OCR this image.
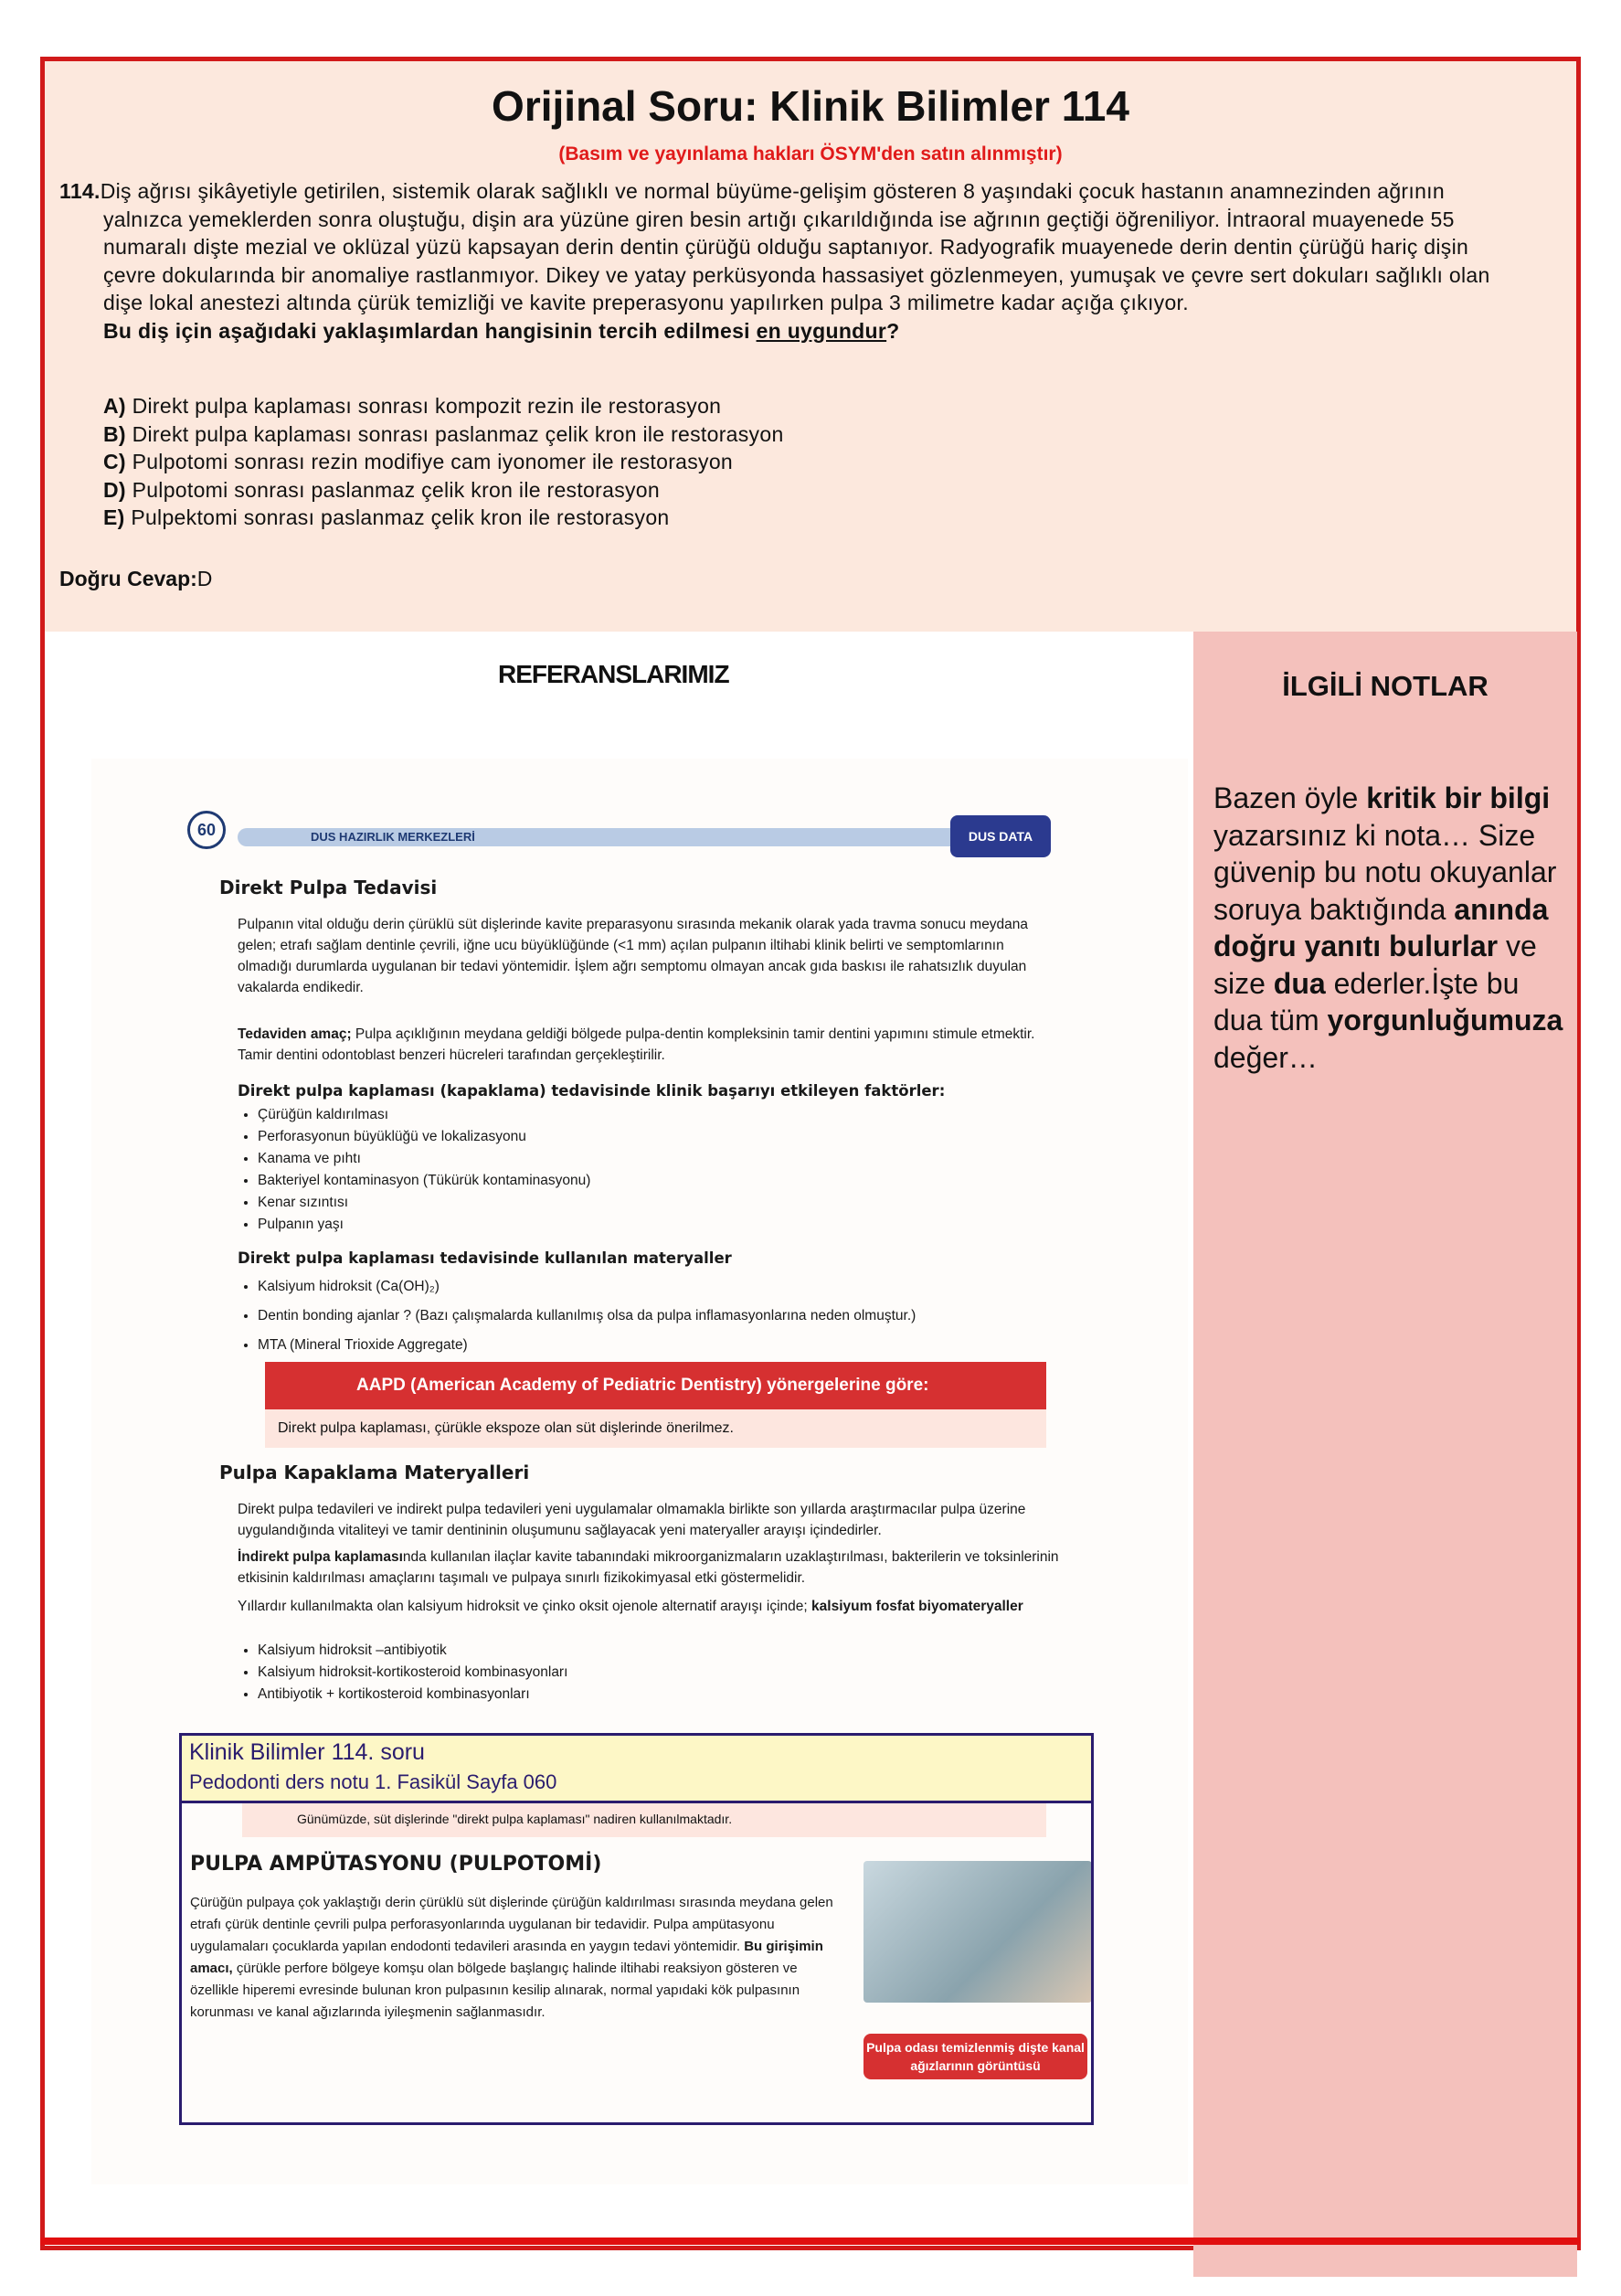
Orijinal Soru: Klinik Bilimler 114
(Basım ve yayınlama hakları ÖSYM'den satın alınmıştır)
114.Diş ağrısı şikâyetiyle getirilen, sistemik olarak sağlıklı ve normal büyüme-gelişim gösteren 8 yaşındaki çocuk hastanın anamnezinden ağrının yalnızca yemeklerden sonra oluştuğu, dişin ara yüzüne giren besin artığı çıkarıldığında ise ağrının geçtiği öğreniliyor. İntraoral muayenede 55 numaralı dişte mezial ve oklüzal yüzü kapsayan derin dentin çürüğü olduğu saptanıyor. Radyografik muayenede derin dentin çürüğü hariç dişin çevre dokularında bir anomaliye rastlanmıyor. Dikey ve yatay perküsyonda hassasiyet gözlenmeyen, yumuşak ve çevre sert dokuları sağlıklı olan dişe lokal anestezi altında çürük temizliği ve kavite preperasyonu yapılırken pulpa 3 milimetre kadar açığa çıkıyor.
Bu diş için aşağıdaki yaklaşımlardan hangisinin tercih edilmesi en uygundur?
A) Direkt pulpa kaplaması sonrası kompozit rezin ile restorasyon
B) Direkt pulpa kaplaması sonrası paslanmaz çelik kron ile restorasyon
C) Pulpotomi sonrası rezin modifiye cam iyonomer ile restorasyon
D) Pulpotomi sonrası paslanmaz çelik kron ile restorasyon
E) Pulpektomi sonrası paslanmaz çelik kron ile restorasyon
Doğru Cevap:D
REFERANSLARIMIZ	İLGİLİ NOTLAR
Bazen öyle kritik bir bilgi yazarsınız ki nota… Size güvenip bu notu okuyanlar soruya baktığında anında doğru yanıtı bulurlar ve size dua ederler.İşte bu dua tüm yorgunluğumuza değer…
60	DUS HAZIRLIK MERKEZLERİ	DUS DATA
Direkt Pulpa Tedavisi
Pulpanın vital olduğu derin çürüklü süt dişlerinde kavite preparasyonu sırasında mekanik olarak yada travma sonucu meydana gelen; etrafı sağlam dentinle çevrili, iğne ucu büyüklüğünde (<1 mm) açılan pulpanın iltihabi klinik belirti ve semptomlarının olmadığı durumlarda uygulanan bir tedavi yöntemidir. İşlem ağrı semptomu olmayan ancak gıda baskısı ile rahatsızlık duyulan vakalarda endikedir.
Tedaviden amaç; Pulpa açıklığının meydana geldiği bölgede pulpa-dentin kompleksinin tamir dentini yapımını stimule etmektir. Tamir dentini odontoblast benzeri hücreleri tarafından gerçekleştirilir.
Direkt pulpa kaplaması (kapaklama) tedavisinde klinik başarıyı etkileyen faktörler:
• Çürüğün kaldırılması
• Perforasyonun büyüklüğü ve lokalizasyonu
• Kanama ve pıhtı
• Bakteriyel kontaminasyon (Tükürük kontaminasyonu)
• Kenar sızıntısı
• Pulpanın yaşı
Direkt pulpa kaplaması tedavisinde kullanılan materyaller
• Kalsiyum hidroksit (Ca(OH)₂)
• Dentin bonding ajanlar ? (Bazı çalışmalarda kullanılmış olsa da pulpa inflamasyonlarına neden olmuştur.)
• MTA (Mineral Trioxide Aggregate)
AAPD (American Academy of Pediatric Dentistry) yönergelerine göre:
Direkt pulpa kaplaması, çürükle ekspoze olan süt dişlerinde önerilmez.
Pulpa Kapaklama Materyalleri
Direkt pulpa tedavileri ve indirekt pulpa tedavileri yeni uygulamalar olmamakla birlikte son yıllarda araştırmacılar pulpa üzerine uygulandığında vitaliteyi ve tamir dentininin oluşumunu sağlayacak yeni materyaller arayışı içindedirler.
İndirekt pulpa kaplamasında kullanılan ilaçlar kavite tabanındaki mikroorganizmaların uzaklaştırılması, bakterilerin ve toksinlerinin etkisinin kaldırılması amaçlarını taşımalı ve pulpaya sınırlı fizikokimyasal etki göstermelidir.
Yıllardır kullanılmakta olan kalsiyum hidroksit ve çinko oksit ojenole alternatif arayışı içinde; kalsiyum fosfat biyomateryaller
• Kalsiyum hidroksit –antibiyotik
• Kalsiyum hidroksit-kortikosteroid kombinasyonları
• Antibiyotik + kortikosteroid kombinasyonları
Günümüzde, süt dişlerinde "direkt pulpa kaplaması" nadiren kullanılmaktadır.
PULPA AMPÜTASYONU (PULPOTOMİ)
Çürüğün pulpaya çok yaklaştığı derin çürüklü süt dişlerinde çürüğün kaldırılması sırasında meydana gelen etrafı çürük dentinle çevrili pulpa perforasyonlarında uygulanan bir tedavidir. Pulpa ampütasyonu uygulamaları çocuklarda yapılan endodonti tedavileri arasında en yaygın tedavi yöntemidir. Bu girişimin amacı, çürükle perfore bölgeye komşu olan bölgede başlangıç halinde iltihabi reaksiyon gösteren ve özellikle hiperemi evresinde bulunan kron pulpasının kesilip alınarak, normal yapıdaki kök pulpasının korunması ve kanal ağızlarında iyileşmenin sağlanmasıdır.
Pulpa odası temizlenmiş dişte kanal ağızlarının görüntüsü
Klinik Bilimler 114. soru
Pedodonti ders notu 1. Fasikül Sayfa 060
